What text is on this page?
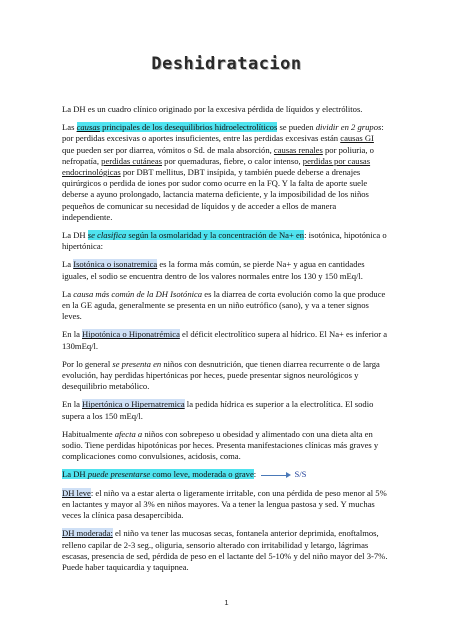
Deshidratacion

La DH es un cuadro clínico originado por la excesiva pérdida de líquidos y electrólitos.

Las causas principales de los desequilibrios hidroelectrolíticos se pueden dividir en 2 grupos: por perdidas excesivas o aportes insuficientes, entre las perdidas excesivas están causas GI que pueden ser por diarrea, vómitos o Sd. de mala absorción, causas renales por poliuria, o nefropatía, perdidas cutáneas por quemaduras, fiebre, o calor intenso, perdidas por causas endocrinológicas por DBT mellitus, DBT insípida, y también puede deberse a drenajes quirúrgicos o perdida de iones por sudor como ocurre en la FQ. Y la falta de aporte suele deberse a ayuno prolongado, lactancia materna deficiente, y la imposibilidad de los niños pequeños de comunicar su necesidad de líquidos y de acceder a ellos de manera independiente.

La DH se clasifica según la osmolaridad y la concentración de Na+ en: isotónica, hipotónica o hipertónica:

La Isotónica o isonatremica es la forma más común, se pierde Na+ y agua en cantidades iguales, el sodio se encuentra dentro de los valores normales entre los 130 y 150 mEq/l.

La causa más común de la DH Isotónica es la diarrea de corta evolución como la que produce en la GE aguda, generalmente se presenta en un niño eutrófico (sano), y va a tener signos leves.

En la Hipotónica o Hiponatrémica el déficit electrolítico supera al hídrico. El Na+ es inferior a 130mEq/l.

Por lo general se presenta en niños con desnutrición, que tienen diarrea recurrente o de larga evolución, hay perdidas hipertónicas por heces, puede presentar signos neurológicos y desequilibrio metabólico.

En la Hipertónica o Hipernatremica la pedida hídrica es superior a la electrolítica. El sodio supera a los 150 mEq/l.

Habitualmente afecta a niños con sobrepeso u obesidad y alimentado con una dieta alta en sodio. Tiene perdidas hipotónicas por heces. Presenta manifestaciones clínicas más graves y complicaciones como convulsiones, acidosis, coma.

La DH puede presentarse como leve, moderada o grave:	S/S

DH leve: el niño va a estar alerta o ligeramente irritable, con una pérdida de peso menor al 5% en lactantes y mayor al 3% en niños mayores. Va a tener la lengua pastosa y sed. Y muchas veces la clínica pasa desapercibida.

DH moderada: el niño va tener las mucosas secas, fontanela anterior deprimida, enoftalmos, relleno capilar de 2-3 seg., oliguria, sensorio alterado con irritabilidad y letargo, lágrimas escasas, presencia de sed, pérdida de peso en el lactante del 5-10% y del niño mayor del 3-7%. Puede haber taquicardia y taquipnea.

1
